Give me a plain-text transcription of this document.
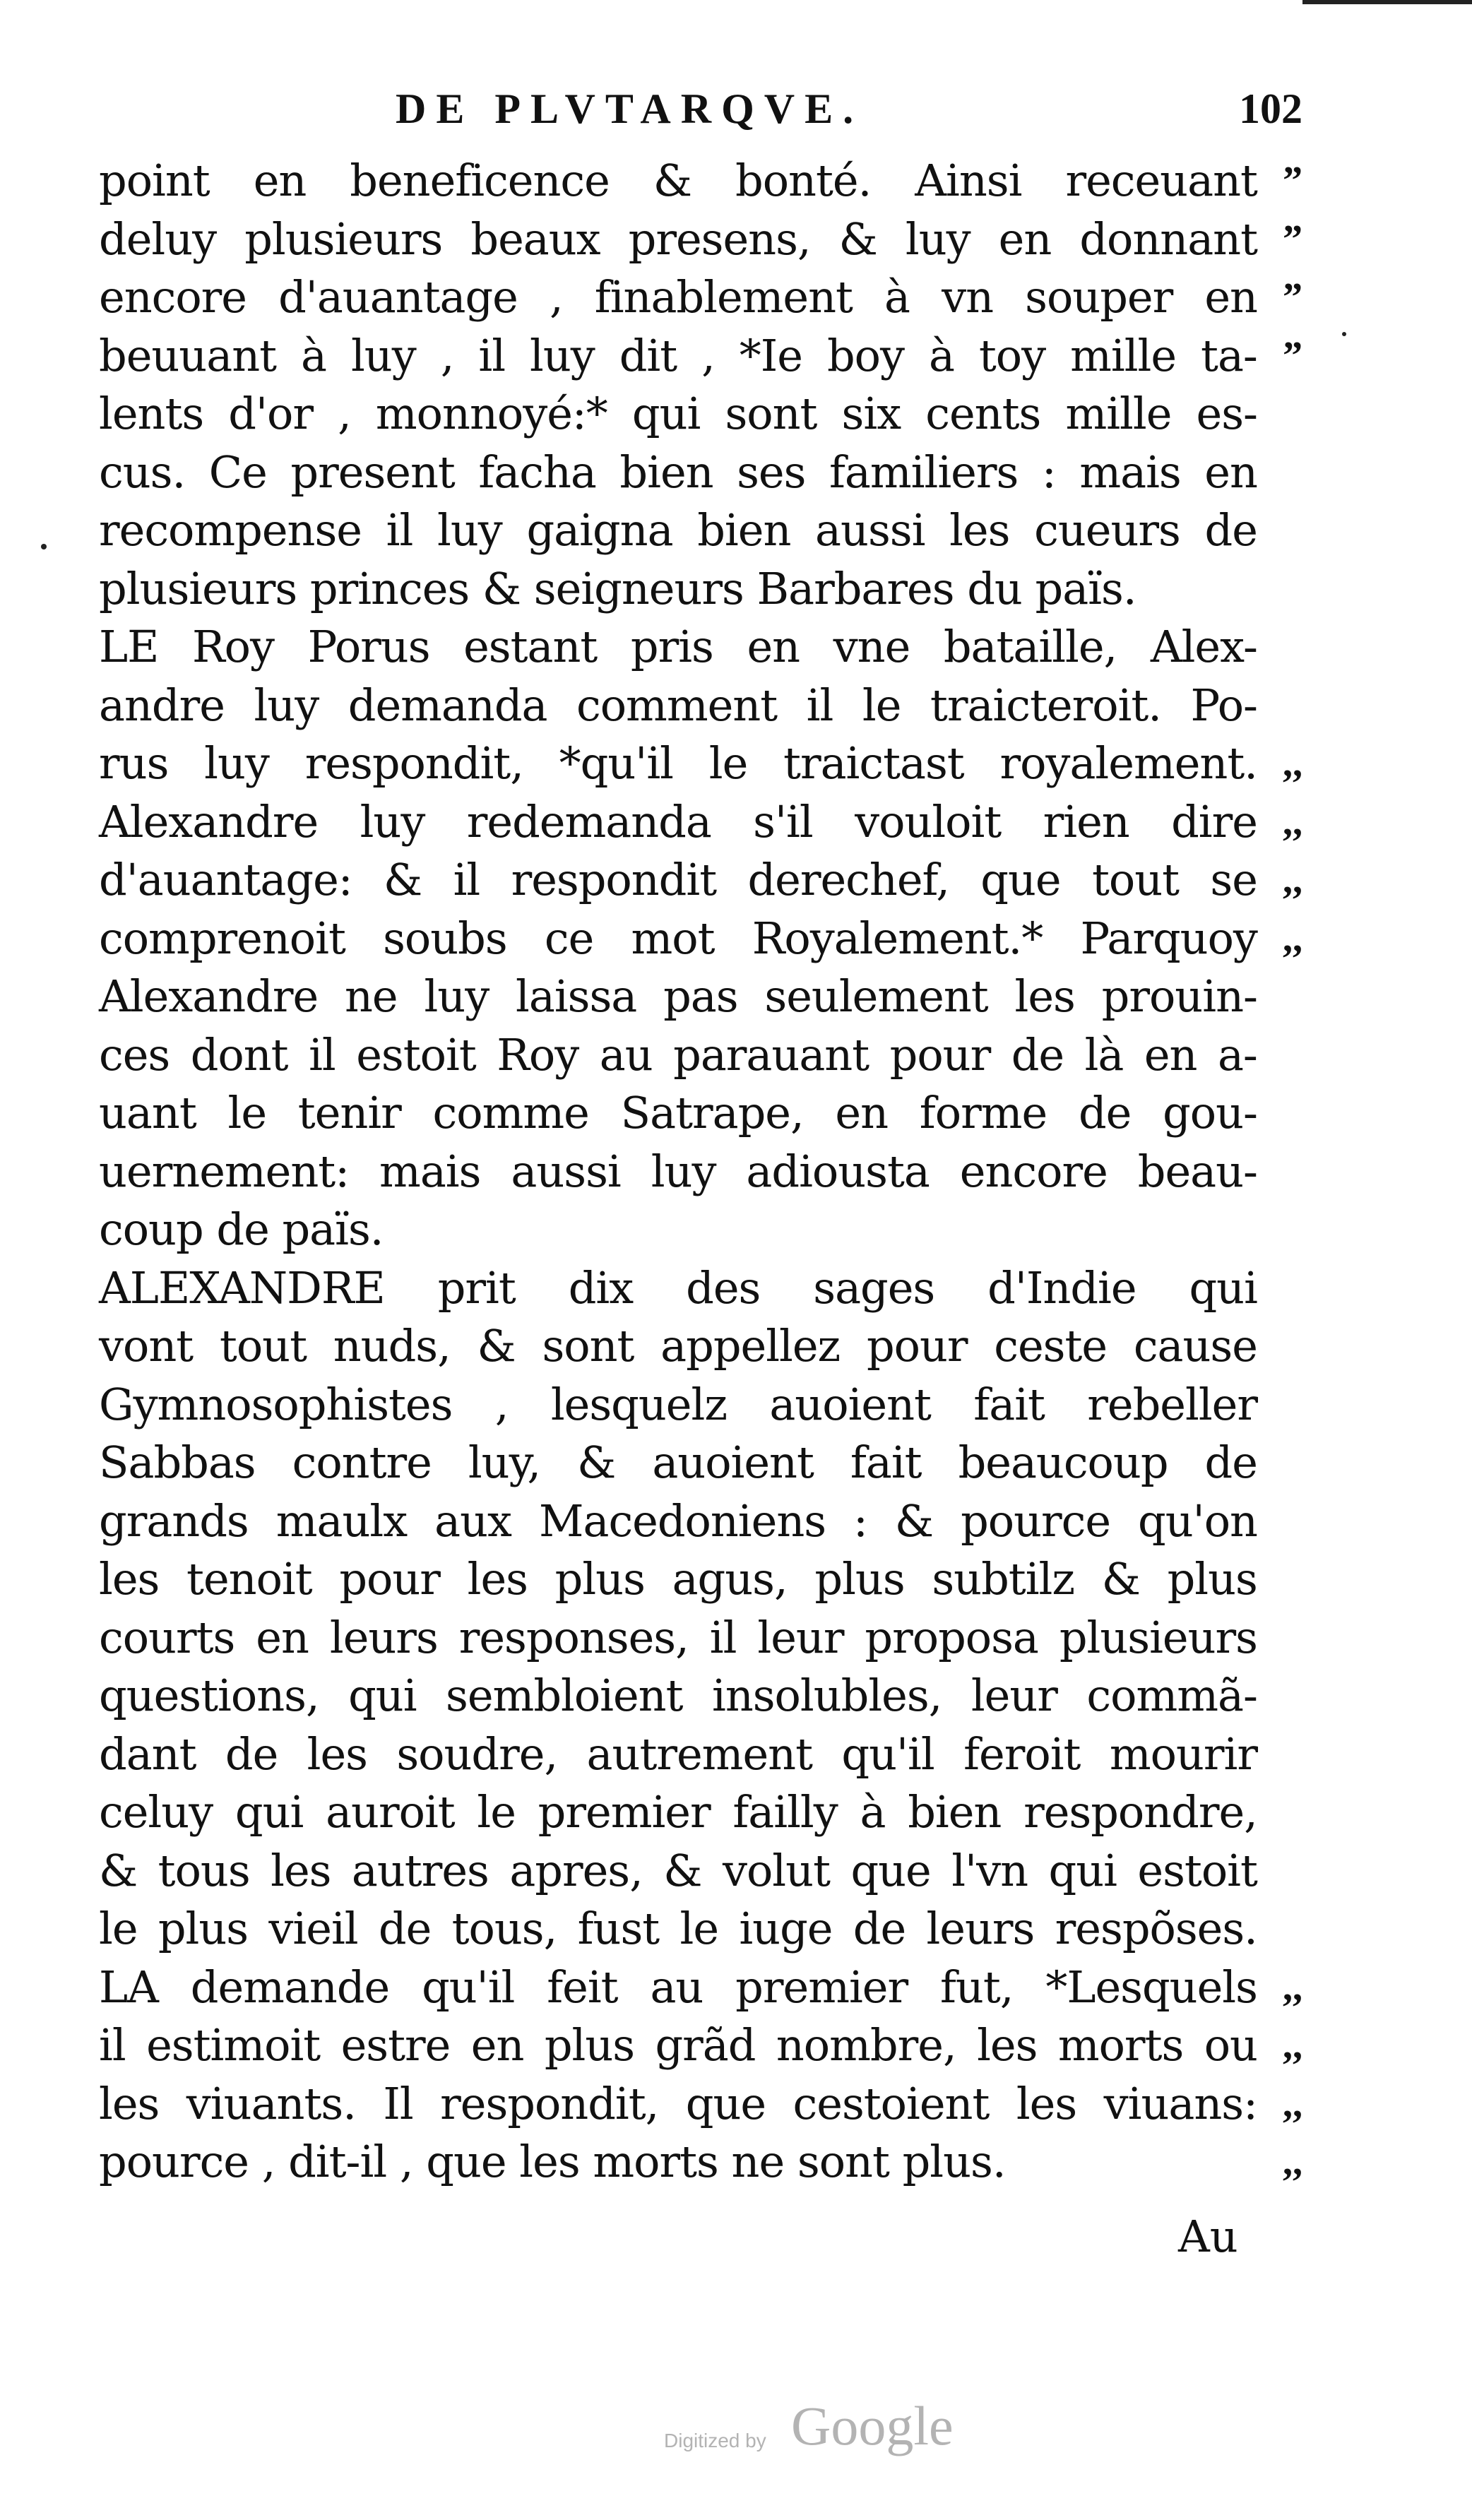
DE PLVTARQVE.	102
point en beneficence & bonté. Ainsi receuant
deluy plusieurs beaux presens, & luy en donnant
encore d'auantage , finablement à vn souper en
beuuant à luy , il luy dit , *Ie boy à toy mille ta-
lents d'or , monnoyé:* qui sont six cents mille es-
cus. Ce present facha bien ses familiers : mais en
recompense il luy gaigna bien aussi les cueurs de
plusieurs princes & seigneurs Barbares du païs.
LE Roy Porus estant pris en vne bataille, Alex-
andre luy demanda comment il le traicteroit. Po-
rus luy respondit, *qu'il le traictast royalement.
Alexandre luy redemanda s'il vouloit rien dire
d'auantage: & il respondit derechef, que tout se
comprenoit soubs ce mot Royalement.* Parquoy
Alexandre ne luy laissa pas seulement les prouin-
ces dont il estoit Roy au parauant pour de là en a-
uant le tenir comme Satrape, en forme de gou-
uernement: mais aussi luy adiousta encore beau-
coup de païs.
ALEXANDRE prit dix des sages d'Indie qui
vont tout nuds, & sont appellez pour ceste cause
Gymnosophistes , lesquelz auoient fait rebeller
Sabbas contre luy, & auoient fait beaucoup de
grands maulx aux Macedoniens : & pource qu'on
les tenoit pour les plus agus, plus subtilz & plus
courts en leurs responses, il leur proposa plusieurs
questions, qui sembloient insolubles, leur commã-
dant de les soudre, autrement qu'il feroit mourir
celuy qui auroit le premier failly à bien respondre,
& tous les autres apres, & volut que l'vn qui estoit
le plus vieil de tous, fust le iuge de leurs respõses.
LA demande qu'il feit au premier fut, *Lesquels
il estimoit estre en plus grãd nombre, les morts ou
les viuants. Il respondit, que cestoient les viuans:
pource , dit-il , que les morts ne sont plus.
”
”
”
”
,,
,,
,,
,,
,,
,,
,,
,,
Au
Digitized by Google
